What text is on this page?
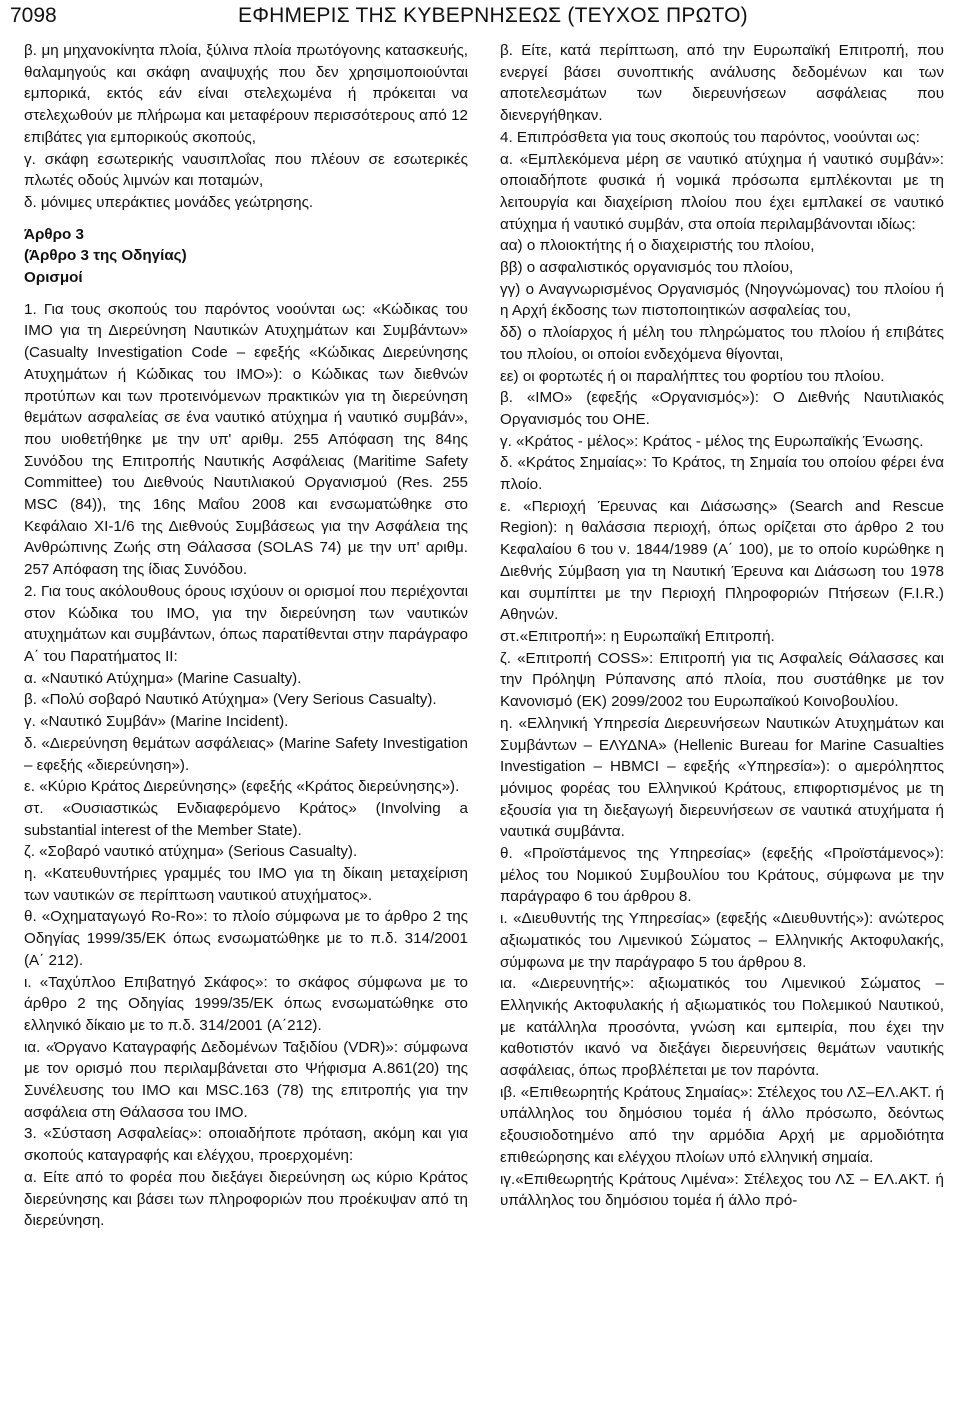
7098	ΕΦΗΜΕΡΙΣ ΤΗΣ ΚΥΒΕΡΝΗΣΕΩΣ (ΤΕΥΧΟΣ ΠΡΩΤΟ)

β. μη μηχανοκίνητα πλοία, ξύλινα πλοία πρωτόγονης κατασκευής, θαλαμηγούς και σκάφη αναψυχής που δεν χρησιμοποιούνται εμπορικά, εκτός εάν είναι στελεχωμένα ή πρόκειται να στελεχωθούν με πλήρωμα και μεταφέρουν περισσότερους από 12 επιβάτες για εμπορικούς σκοπούς,

γ. σκάφη εσωτερικής ναυσιπλοΐας που πλέουν σε εσωτερικές πλωτές οδούς λιμνών και ποταμών,

δ. μόνιμες υπεράκτιες μονάδες γεώτρησης.

Άρθρο 3

(Άρθρο 3 της Οδηγίας)

Ορισμοί

1. Για τους σκοπούς του παρόντος νοούνται ως: «Κώδικας του ΙΜΟ για τη Διερεύνηση Ναυτικών Ατυχημάτων και Συμβάντων» (Casualty Investigation Code – εφεξής «Κώδικας Διερεύνησης Ατυχημάτων ή Κώδικας του ΙΜΟ»): ο Κώδικας των διεθνών προτύπων και των προτεινόμενων πρακτικών για τη διερεύνηση θεμάτων ασφαλείας σε ένα ναυτικό ατύχημα ή ναυτικό συμβάν», που υιοθετήθηκε με την υπ' αριθμ. 255 Απόφαση της 84ης Συνόδου της Επιτροπής Ναυτικής Ασφάλειας (Maritime Safety Committee) του Διεθνούς Ναυτιλιακού Οργανισμού (Res. 255 MSC (84)), της 16ης Μαΐου 2008 και ενσωματώθηκε στο Κεφάλαιο XI-1/6 της Διεθνούς Συμβάσεως για την Ασφάλεια της Ανθρώπινης Ζωής στη Θάλασσα (SOLAS 74) με την υπ' αριθμ. 257 Απόφαση της ίδιας Συνόδου.

2. Για τους ακόλουθους όρους ισχύουν οι ορισμοί που περιέχονται στον Κώδικα του ΙΜΟ, για την διερεύνηση των ναυτικών ατυχημάτων και συμβάντων, όπως παρατίθενται στην παράγραφο Α΄ του Παρατήματος ΙΙ:

α. «Ναυτικό Ατύχημα» (Marine Casualty).

β. «Πολύ σοβαρό Ναυτικό Ατύχημα» (Very Serious Casualty).

γ. «Ναυτικό Συμβάν» (Marine Incident).

δ. «Διερεύνηση θεμάτων ασφάλειας» (Marine Safety Investigation – εφεξής «διερεύνηση»).

ε. «Κύριο Κράτος Διερεύνησης» (εφεξής «Κράτος διερεύνησης»).

στ. «Ουσιαστικώς Ενδιαφερόμενο Κράτος» (Involving a substantial interest of the Member State).

ζ. «Σοβαρό ναυτικό ατύχημα» (Serious Casualty).

η. «Κατευθυντήριες γραμμές του ΙΜΟ για τη δίκαιη μεταχείριση των ναυτικών σε περίπτωση ναυτικού ατυχήματος».

θ. «Οχηματαγωγό Ro-Ro»: το πλοίο σύμφωνα με το άρθρο 2 της Οδηγίας 1999/35/ΕΚ όπως ενσωματώθηκε με το π.δ. 314/2001 (Α΄ 212).

ι. «Ταχύπλοο Επιβατηγό Σκάφος»: το σκάφος σύμφωνα με το άρθρο 2 της Οδηγίας 1999/35/ΕΚ όπως ενσωματώθηκε στο ελληνικό δίκαιο με το π.δ. 314/2001 (Α΄212).

ια. «Όργανο Καταγραφής Δεδομένων Ταξιδίου (VDR)»: σύμφωνα με τον ορισμό που περιλαμβάνεται στο Ψήφισμα Α.861(20) της Συνέλευσης του ΙΜΟ και MSC.163 (78) της επιτροπής για την ασφάλεια στη Θάλασσα του ΙΜΟ.

3. «Σύσταση Ασφαλείας»: οποιαδήποτε πρόταση, ακόμη και για σκοπούς καταγραφής και ελέγχου, προερχομένη:

α. Είτε από το φορέα που διεξάγει διερεύνηση ως κύριο Κράτος διερεύνησης και βάσει των πληροφοριών που προέκυψαν από τη διερεύνηση.

β. Είτε, κατά περίπτωση, από την Ευρωπαϊκή Επιτροπή, που ενεργεί βάσει συνοπτικής ανάλυσης δεδομένων και των αποτελεσμάτων των διερευνήσεων ασφάλειας που διενεργήθηκαν.

4. Επιπρόσθετα για τους σκοπούς του παρόντος, νοούνται ως:

α. «Εμπλεκόμενα μέρη σε ναυτικό ατύχημα ή ναυτικό συμβάν»: οποιαδήποτε φυσικά ή νομικά πρόσωπα εμπλέκονται με τη λειτουργία και διαχείριση πλοίου που έχει εμπλακεί σε ναυτικό ατύχημα ή ναυτικό συμβάν, στα οποία περιλαμβάνονται ιδίως:

αα) ο πλοιοκτήτης ή ο διαχειριστής του πλοίου,

ββ) ο ασφαλιστικός οργανισμός του πλοίου,

γγ) ο Αναγνωρισμένος Οργανισμός (Νηογνώμονας) του πλοίου ή η Αρχή έκδοσης των πιστοποιητικών ασφαλείας του,

δδ) ο πλοίαρχος ή μέλη του πληρώματος του πλοίου ή επιβάτες του πλοίου, οι οποίοι ενδεχόμενα θίγονται,

εε) οι φορτωτές ή οι παραλήπτες του φορτίου του πλοίου.

β. «ΙΜΟ» (εφεξής «Οργανισμός»): Ο Διεθνής Ναυτιλιακός Οργανισμός του ΟΗΕ.

γ. «Κράτος - μέλος»: Κράτος - μέλος της Ευρωπαϊκής Ένωσης.

δ. «Κράτος Σημαίας»: Το Κράτος, τη Σημαία του οποίου φέρει ένα πλοίο.

ε. «Περιοχή Έρευνας και Διάσωσης» (Search and Rescue Region): η θαλάσσια περιοχή, όπως ορίζεται στο άρθρο 2 του Κεφαλαίου 6 του ν. 1844/1989 (Α΄ 100), με το οποίο κυρώθηκε η Διεθνής Σύμβαση για τη Ναυτική Έρευνα και Διάσωση του 1978 και συμπίπτει με την Περιοχή Πληροφοριών Πτήσεων (F.I.R.) Αθηνών.

στ.«Επιτροπή»: η Ευρωπαϊκή Επιτροπή.

ζ. «Επιτροπή COSS»: Επιτροπή για τις Ασφαλείς Θάλασσες και την Πρόληψη Ρύπανσης από πλοία, που συστάθηκε με τον Κανονισμό (ΕΚ) 2099/2002 του Ευρωπαϊκού Κοινοβουλίου.

η. «Ελληνική Υπηρεσία Διερευνήσεων Ναυτικών Ατυχημάτων και Συμβάντων – ΕΛΥΔΝΑ» (Hellenic Bureau for Marine Casualties Investigation – HBMCI – εφεξής «Υπηρεσία»): ο αμερόληπτος μόνιμος φορέας του Ελληνικού Κράτους, επιφορτισμένος με τη εξουσία για τη διεξαγωγή διερευνήσεων σε ναυτικά ατυχήματα ή ναυτικά συμβάντα.

θ. «Προϊστάμενος της Υπηρεσίας» (εφεξής «Προϊστάμενος»): μέλος του Νομικού Συμβουλίου του Κράτους, σύμφωνα με την παράγραφο 6 του άρθρου 8.

ι. «Διευθυντής της Υπηρεσίας» (εφεξής «Διευθυντής»): ανώτερος αξιωματικός του Λιμενικού Σώματος – Ελληνικής Ακτοφυλακής, σύμφωνα με την παράγραφο 5 του άρθρου 8.

ια. «Διερευνητής»: αξιωματικός του Λιμενικού Σώματος – Ελληνικής Ακτοφυλακής ή αξιωματικός του Πολεμικού Ναυτικού, με κατάλληλα προσόντα, γνώση και εμπειρία, που έχει την καθοτιστόν ικανό να διεξάγει διερευνήσεις θεμάτων ναυτικής ασφάλειας, όπως προβλέπεται με τον παρόντα.

ιβ. «Επιθεωρητής Κράτους Σημαίας»: Στέλεχος του ΛΣ–ΕΛ.ΑΚΤ. ή υπάλληλος του δημόσιου τομέα ή άλλο πρόσωπο, δεόντως εξουσιοδοτημένο από την αρμόδια Αρχή με αρμοδιότητα επιθεώρησης και ελέγχου πλοίων υπό ελληνική σημαία.

ιγ.«Επιθεωρητής Κράτους Λιμένα»: Στέλεχος του ΛΣ – ΕΛ.ΑΚΤ. ή υπάλληλος του δημόσιου τομέα ή άλλο πρό-
